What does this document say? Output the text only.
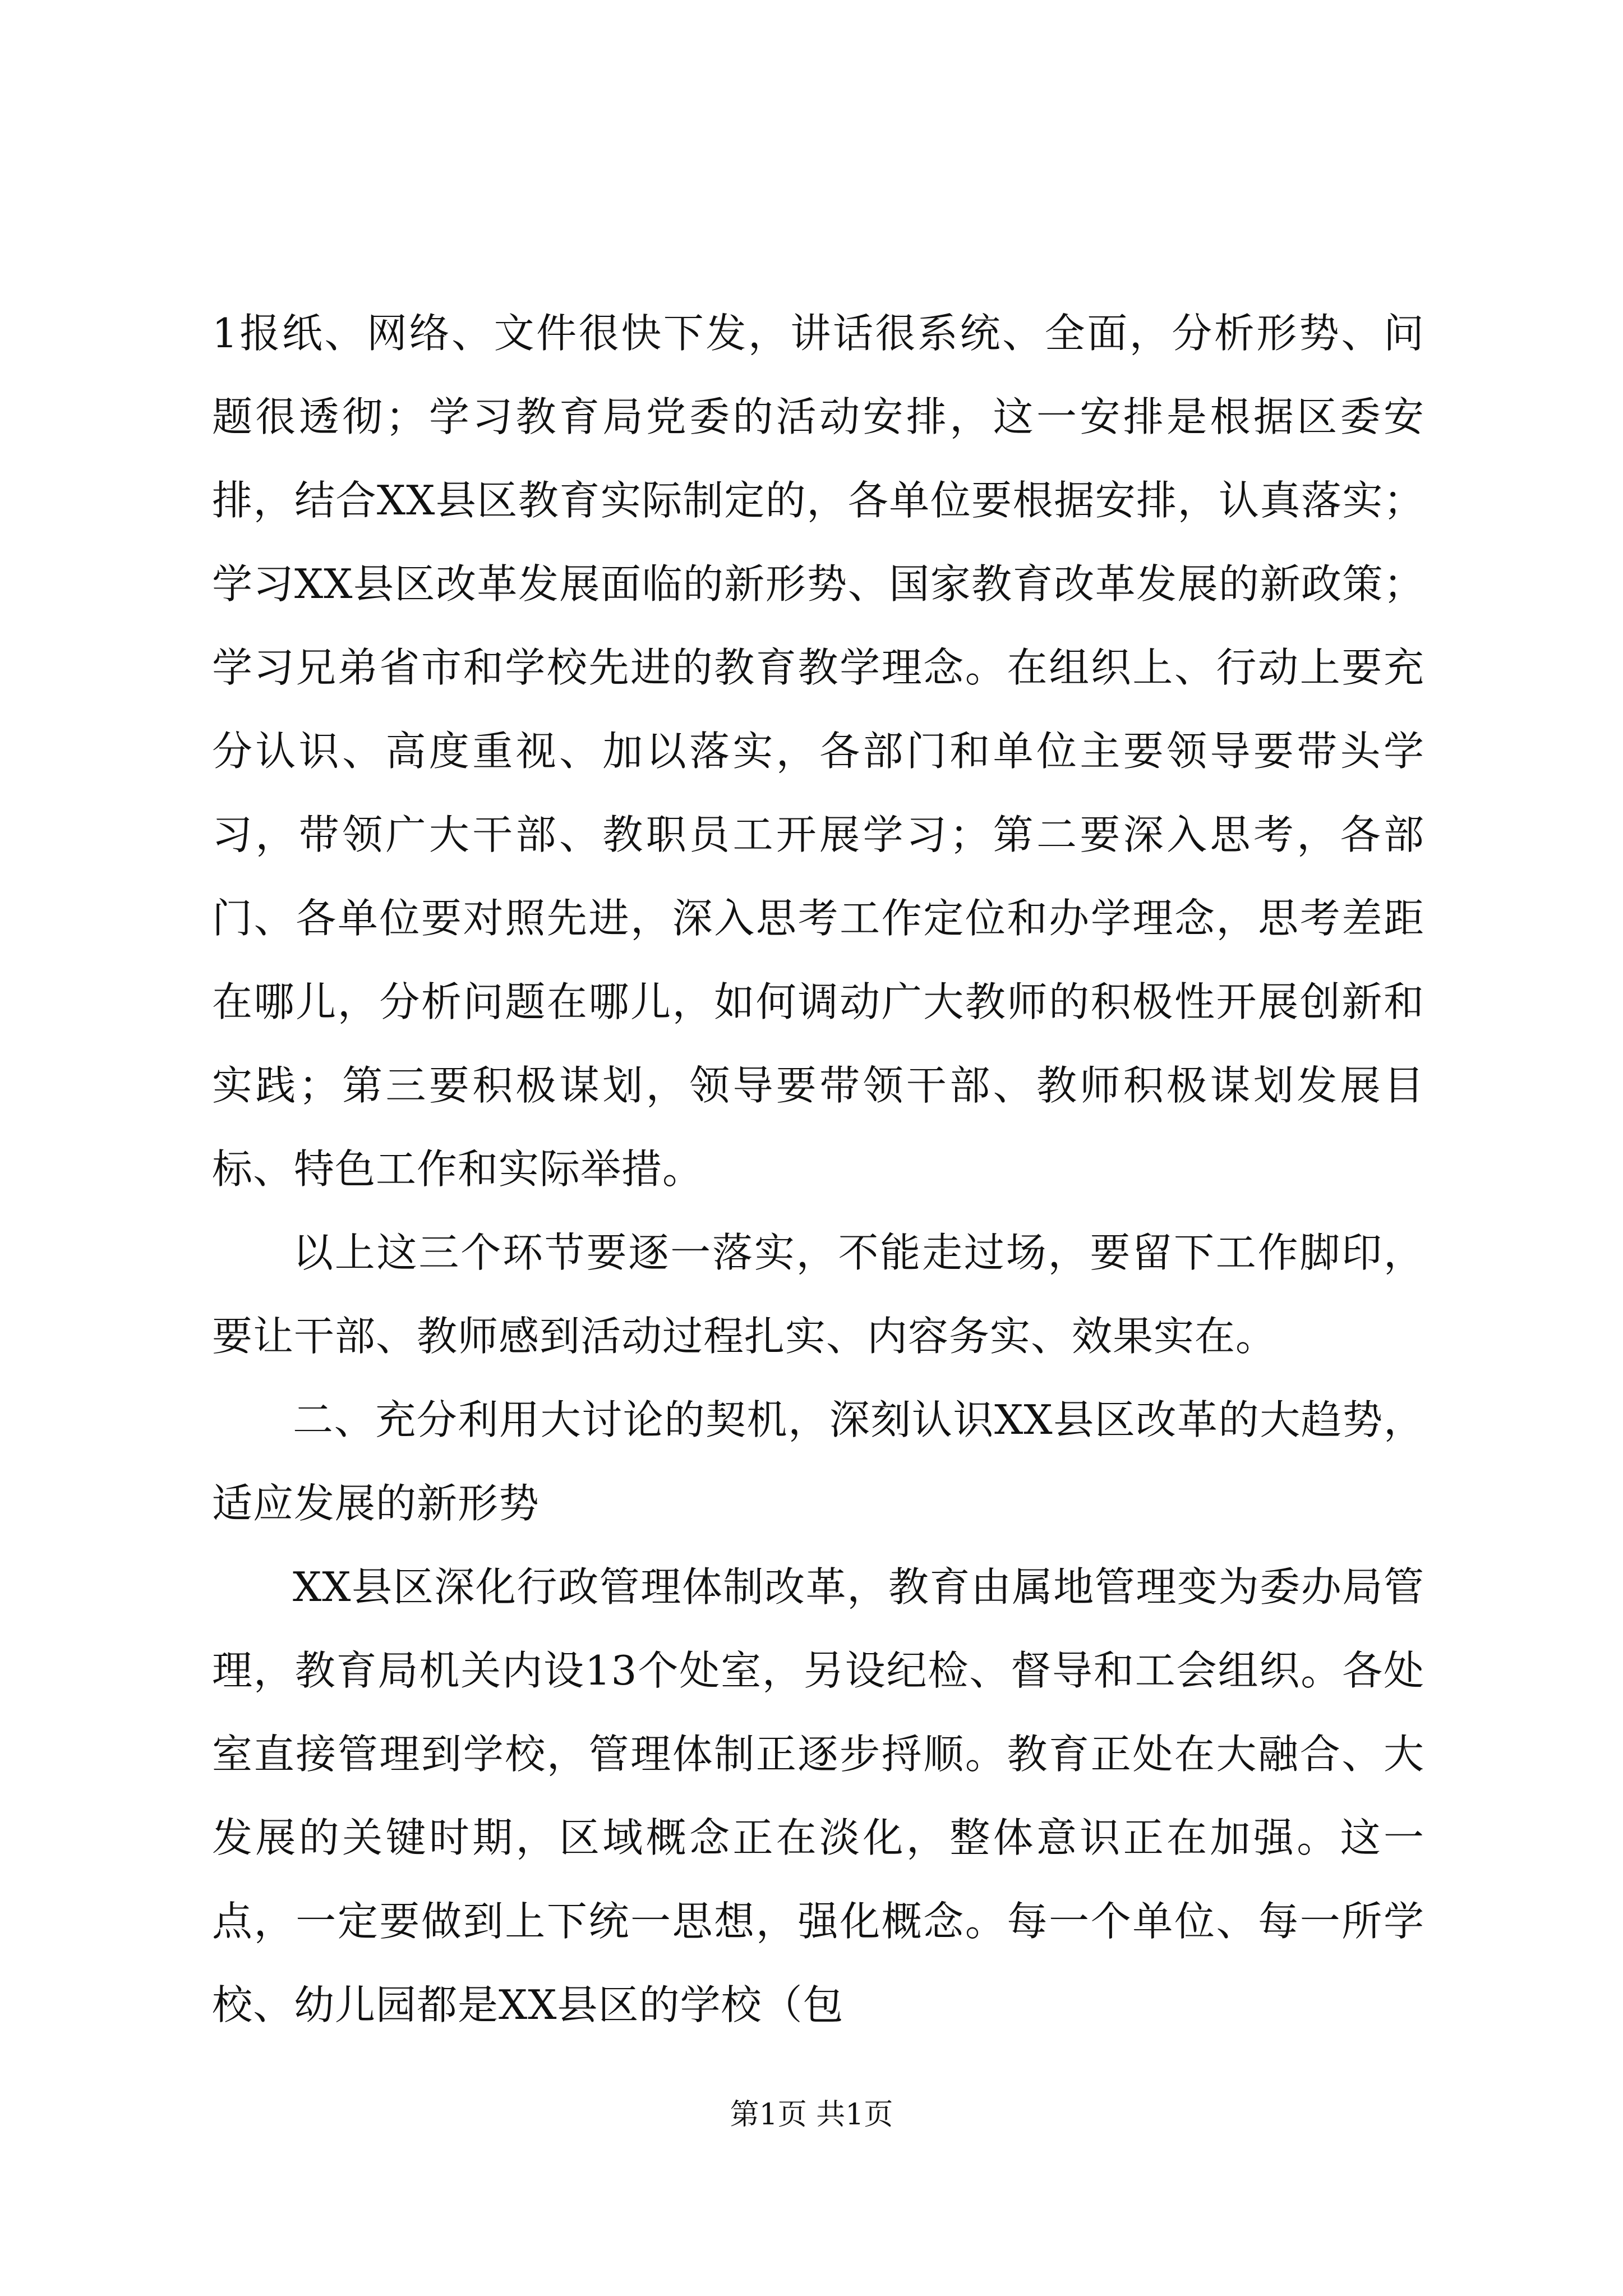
1报纸、网络、文件很快下发，讲话很系统、全面，分析形势、问题很透彻；学习教育局党委的活动安排，这一安排是根据区委安排，结合XX县区教育实际制定的，各单位要根据安排，认真落实；学习XX县区改革发展面临的新形势、国家教育改革发展的新政策；学习兄弟省市和学校先进的教育教学理念。在组织上、行动上要充分认识、高度重视、加以落实，各部门和单位主要领导要带头学习，带领广大干部、教职员工开展学习；第二要深入思考，各部门、各单位要对照先进，深入思考工作定位和办学理念，思考差距在哪儿，分析问题在哪儿，如何调动广大教师的积极性开展创新和实践；第三要积极谋划，领导要带领干部、教师积极谋划发展目标、特色工作和实际举措。

以上这三个环节要逐一落实，不能走过场，要留下工作脚印，要让干部、教师感到活动过程扎实、内容务实、效果实在。

二、充分利用大讨论的契机，深刻认识XX县区改革的大趋势，适应发展的新形势

XX县区深化行政管理体制改革，教育由属地管理变为委办局管理，教育局机关内设13个处室，另设纪检、督导和工会组织。各处室直接管理到学校，管理体制正逐步捋顺。教育正处在大融合、大发展的关键时期，区域概念正在淡化，整体意识正在加强。这一点，一定要做到上下统一思想，强化概念。每一个单位、每一所学校、幼儿园都是XX县区的学校（包

第1页 共1页
